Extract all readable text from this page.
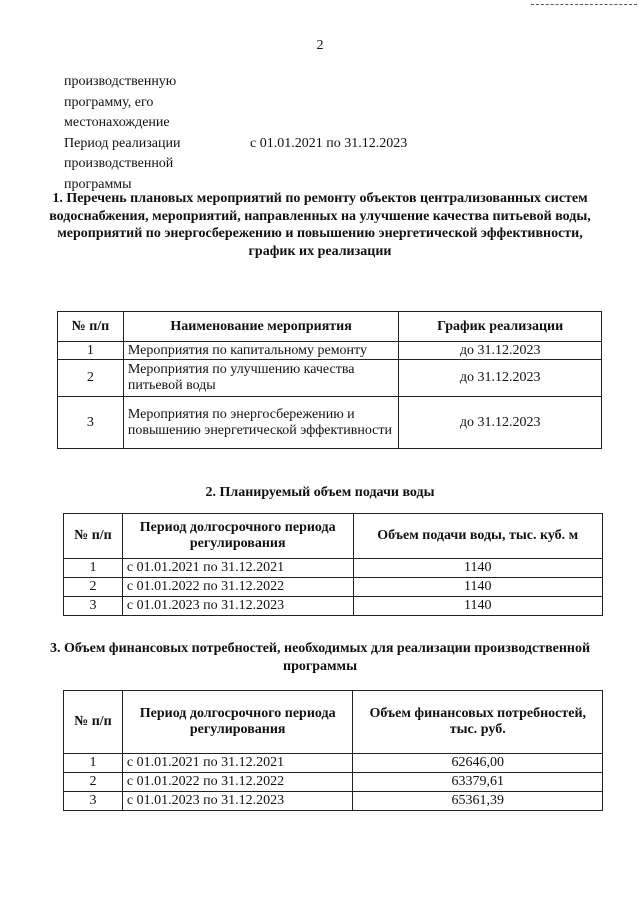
2
производственную
программу, его
местонахождение
Период реализации	с 01.01.2021 по 31.12.2023
производственной
программы
1. Перечень плановых мероприятий по ремонту объектов централизованных систем водоснабжения, мероприятий, направленных на улучшение качества питьевой воды, мероприятий по энергосбережению и повышению энергетической эффективности, график их реализации
№ п/п	Наименование мероприятия	График реализации
1	Мероприятия по капитальному ремонту	до 31.12.2023
2	Мероприятия по улучшению качества питьевой воды	до 31.12.2023
3	Мероприятия по энергосбережению и повышению энергетической эффективности	до 31.12.2023
2. Планируемый объем подачи воды
№ п/п	Период долгосрочного периода регулирования	Объем подачи воды, тыс. куб. м
1	с 01.01.2021 по 31.12.2021	1140
2	с 01.01.2022 по 31.12.2022	1140
3	с 01.01.2023 по 31.12.2023	1140
3. Объем финансовых потребностей, необходимых для реализации производственной программы
№ п/п	Период долгосрочного периода регулирования	Объем финансовых потребностей, тыс. руб.
1	с 01.01.2021 по 31.12.2021	62646,00
2	с 01.01.2022 по 31.12.2022	63379,61
3	с 01.01.2023 по 31.12.2023	65361,39
